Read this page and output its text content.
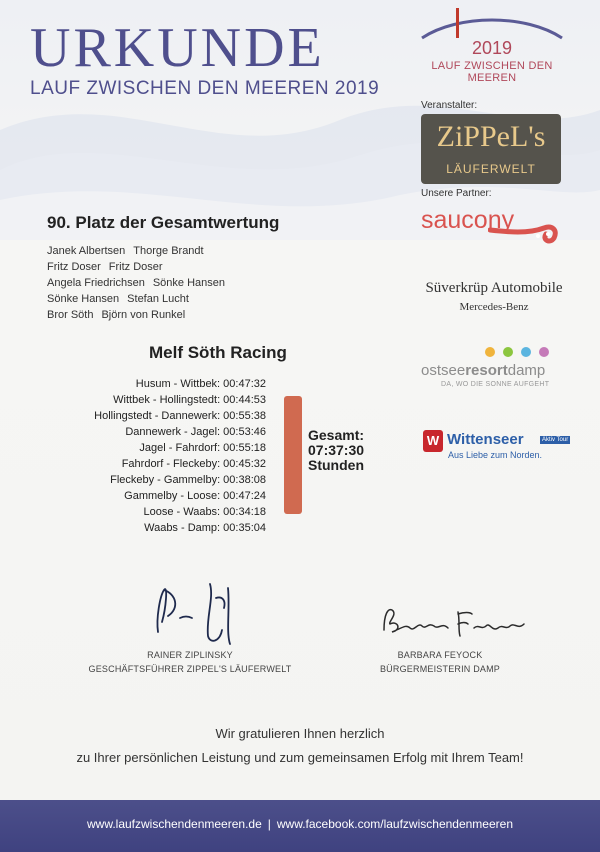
URKUNDE
LAUF ZWISCHEN DEN MEEREN 2019
2019
LAUF ZWISCHEN DEN MEEREN
Veranstalter:
ZiPPeL's
LÄUFERWELT
Unsere Partner:
saucony
Süverkrüp Automobile
Mercedes-Benz
ostseeresortdamp
DA, WO DIE SONNE AUFGEHT
W Wittenseer	Aktiv Tour
Aus Liebe zum Norden.
90. Platz der Gesamtwertung
Janek Albertsen Thorge Brandt
Fritz Doser Fritz Doser
Angela Friedrichsen Sönke Hansen
Sönke Hansen Stefan Lucht
Bror Söth Björn von Runkel
Melf Söth Racing
Husum - Wittbek: 00:47:32
Wittbek - Hollingstedt: 00:44:53
Hollingstedt - Dannewerk: 00:55:38
Dannewerk - Jagel: 00:53:46
Jagel - Fahrdorf: 00:55:18
Fahrdorf - Fleckeby: 00:45:32
Fleckeby - Gammelby: 00:38:08
Gammelby - Loose: 00:47:24
Loose - Waabs: 00:34:18
Waabs - Damp: 00:35:04
Gesamt:
07:37:30
Stunden
RAINER ZIPLINSKY
GESCHÄFTSFÜHRER ZIPPEL'S LÄUFERWELT
BARBARA FEYOCK
BÜRGERMEISTERIN DAMP
Wir gratulieren Ihnen herzlich
zu Ihrer persönlichen Leistung und zum gemeinsamen Erfolg mit Ihrem Team!
www.laufzwischendenmeeren.de | www.facebook.com/laufzwischendenmeeren
